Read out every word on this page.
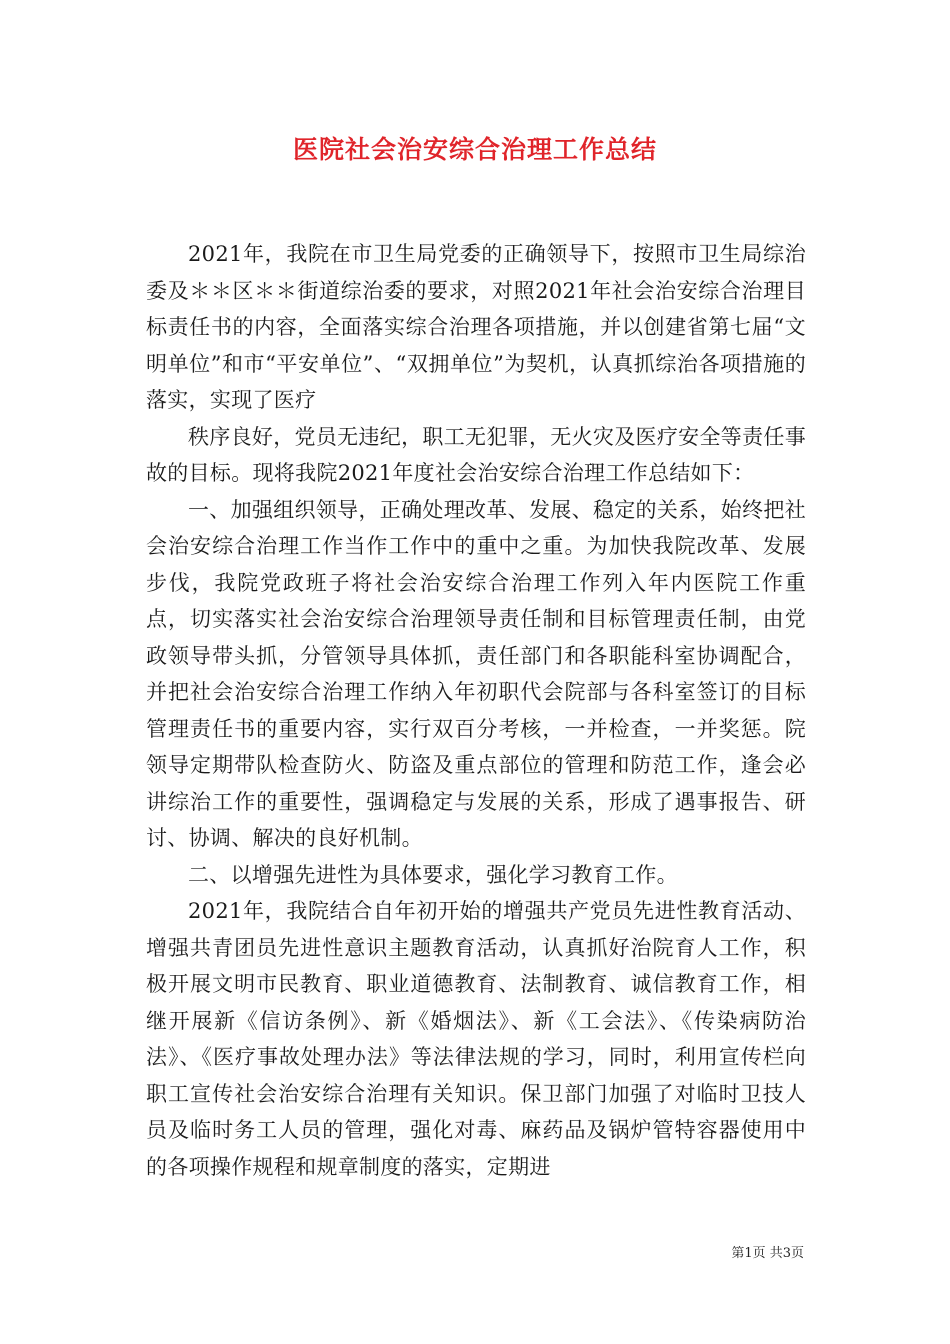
医院社会治安综合治理工作总结

2021年，我院在市卫生局党委的正确领导下，按照市卫生局综治委及＊＊区＊＊街道综治委的要求，对照2021年社会治安综合治理目标责任书的内容，全面落实综合治理各项措施，并以创建省第七届“文明单位”和市“平安单位”、“双拥单位”为契机，认真抓综治各项措施的落实，实现了医疗

秩序良好，党员无违纪，职工无犯罪，无火灾及医疗安全等责任事故的目标。现将我院2021年度社会治安综合治理工作总结如下：

一、加强组织领导，正确处理改革、发展、稳定的关系，始终把社会治安综合治理工作当作工作中的重中之重。为加快我院改革、发展步伐，我院党政班子将社会治安综合治理工作列入年内医院工作重点，切实落实社会治安综合治理领导责任制和目标管理责任制，由党政领导带头抓，分管领导具体抓，责任部门和各职能科室协调配合，并把社会治安综合治理工作纳入年初职代会院部与各科室签订的目标管理责任书的重要内容，实行双百分考核，一并检查，一并奖惩。院领导定期带队检查防火、防盗及重点部位的管理和防范工作，逢会必讲综治工作的重要性，强调稳定与发展的关系，形成了遇事报告、研讨、协调、解决的良好机制。

二、以增强先进性为具体要求，强化学习教育工作。

2021年，我院结合自年初开始的增强共产党员先进性教育活动、增强共青团员先进性意识主题教育活动，认真抓好治院育人工作，积极开展文明市民教育、职业道德教育、法制教育、诚信教育工作，相继开展新《信访条例》、新《婚烟法》、新《工会法》、《传染病防治法》、《医疗事故处理办法》等法律法规的学习，同时，利用宣传栏向职工宣传社会治安综合治理有关知识。保卫部门加强了对临时卫技人员及临时务工人员的管理，强化对毒、麻药品及锅炉管特容器使用中的各项操作规程和规章制度的落实，定期进

第1页 共3页
